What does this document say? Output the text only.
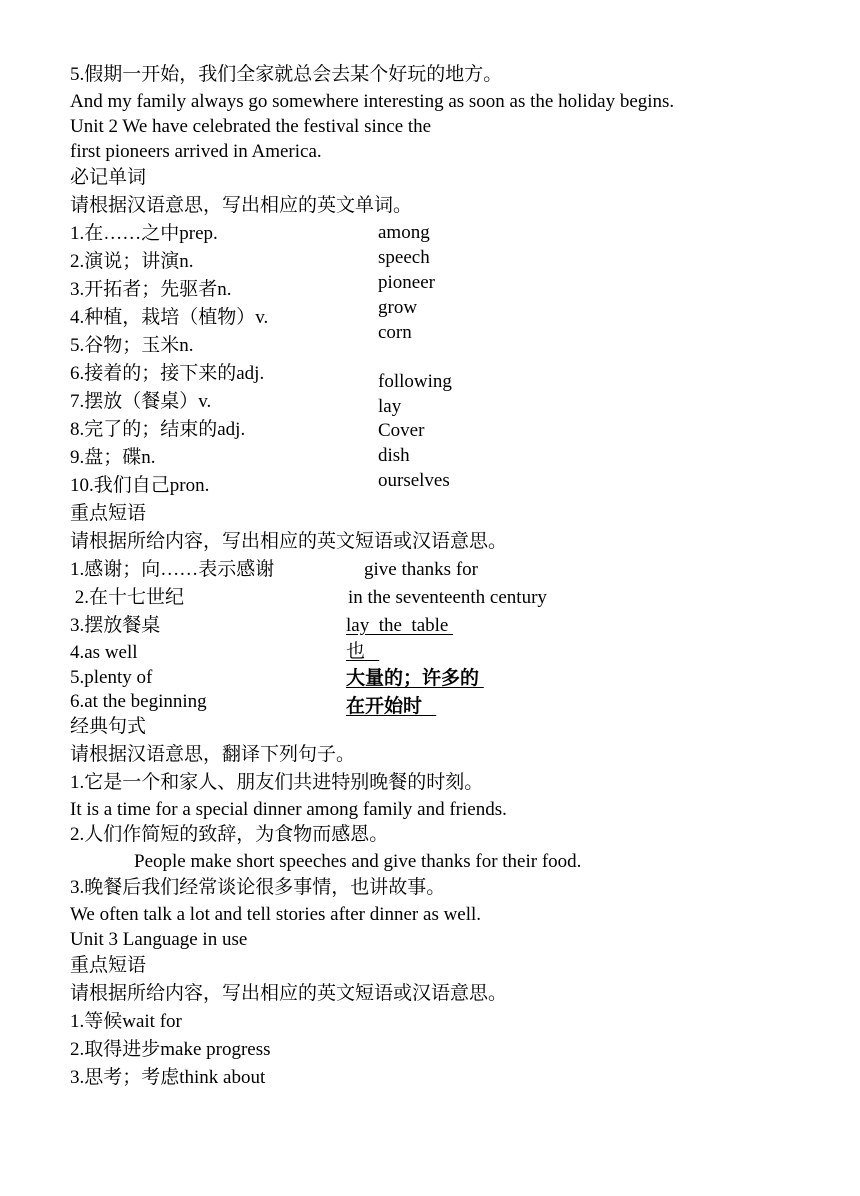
5.假期一开始，我们全家就总会去某个好玩的地方。
And my family always go somewhere interesting as soon as the holiday begins.
Unit 2 We have celebrated the festival since the
first pioneers arrived in America.
必记单词
请根据汉语意思，写出相应的英文单词。
1.在……之中prep.
2.演说；讲演n.
3.开拓者；先驱者n.
4.种植，栽培（植物）v.
5.谷物；玉米n.
6.接着的；接下来的adj.
7.摆放（餐桌）v.
8.完了的；结束的adj.
9.盘；碟n.
10.我们自己pron.
among
speech
pioneer
grow
corn
following
lay
Cover
dish
ourselves
重点短语
请根据所给内容，写出相应的英文短语或汉语意思。
1.感谢；向……表示感谢
2.在十七世纪
3.摆放餐桌
4.as well
5.plenty of
6.at the beginning
give thanks for
in the seventeenth century
lay  the  table
也
大量的；许多的
在开始时
经典句式
请根据汉语意思，翻译下列句子。
1.它是一个和家人、朋友们共进特别晚餐的时刻。
It is a time for a special dinner among family and friends.
2.人们作简短的致辞，为食物而感恩。
People make short speeches and give thanks for their food.
3.晚餐后我们经常谈论很多事情，也讲故事。
We often talk a lot and tell stories after dinner as well.
Unit 3 Language in use
重点短语
请根据所给内容，写出相应的英文短语或汉语意思。
1.等候wait for
2.取得进步make progress
3.思考；考虑think about
